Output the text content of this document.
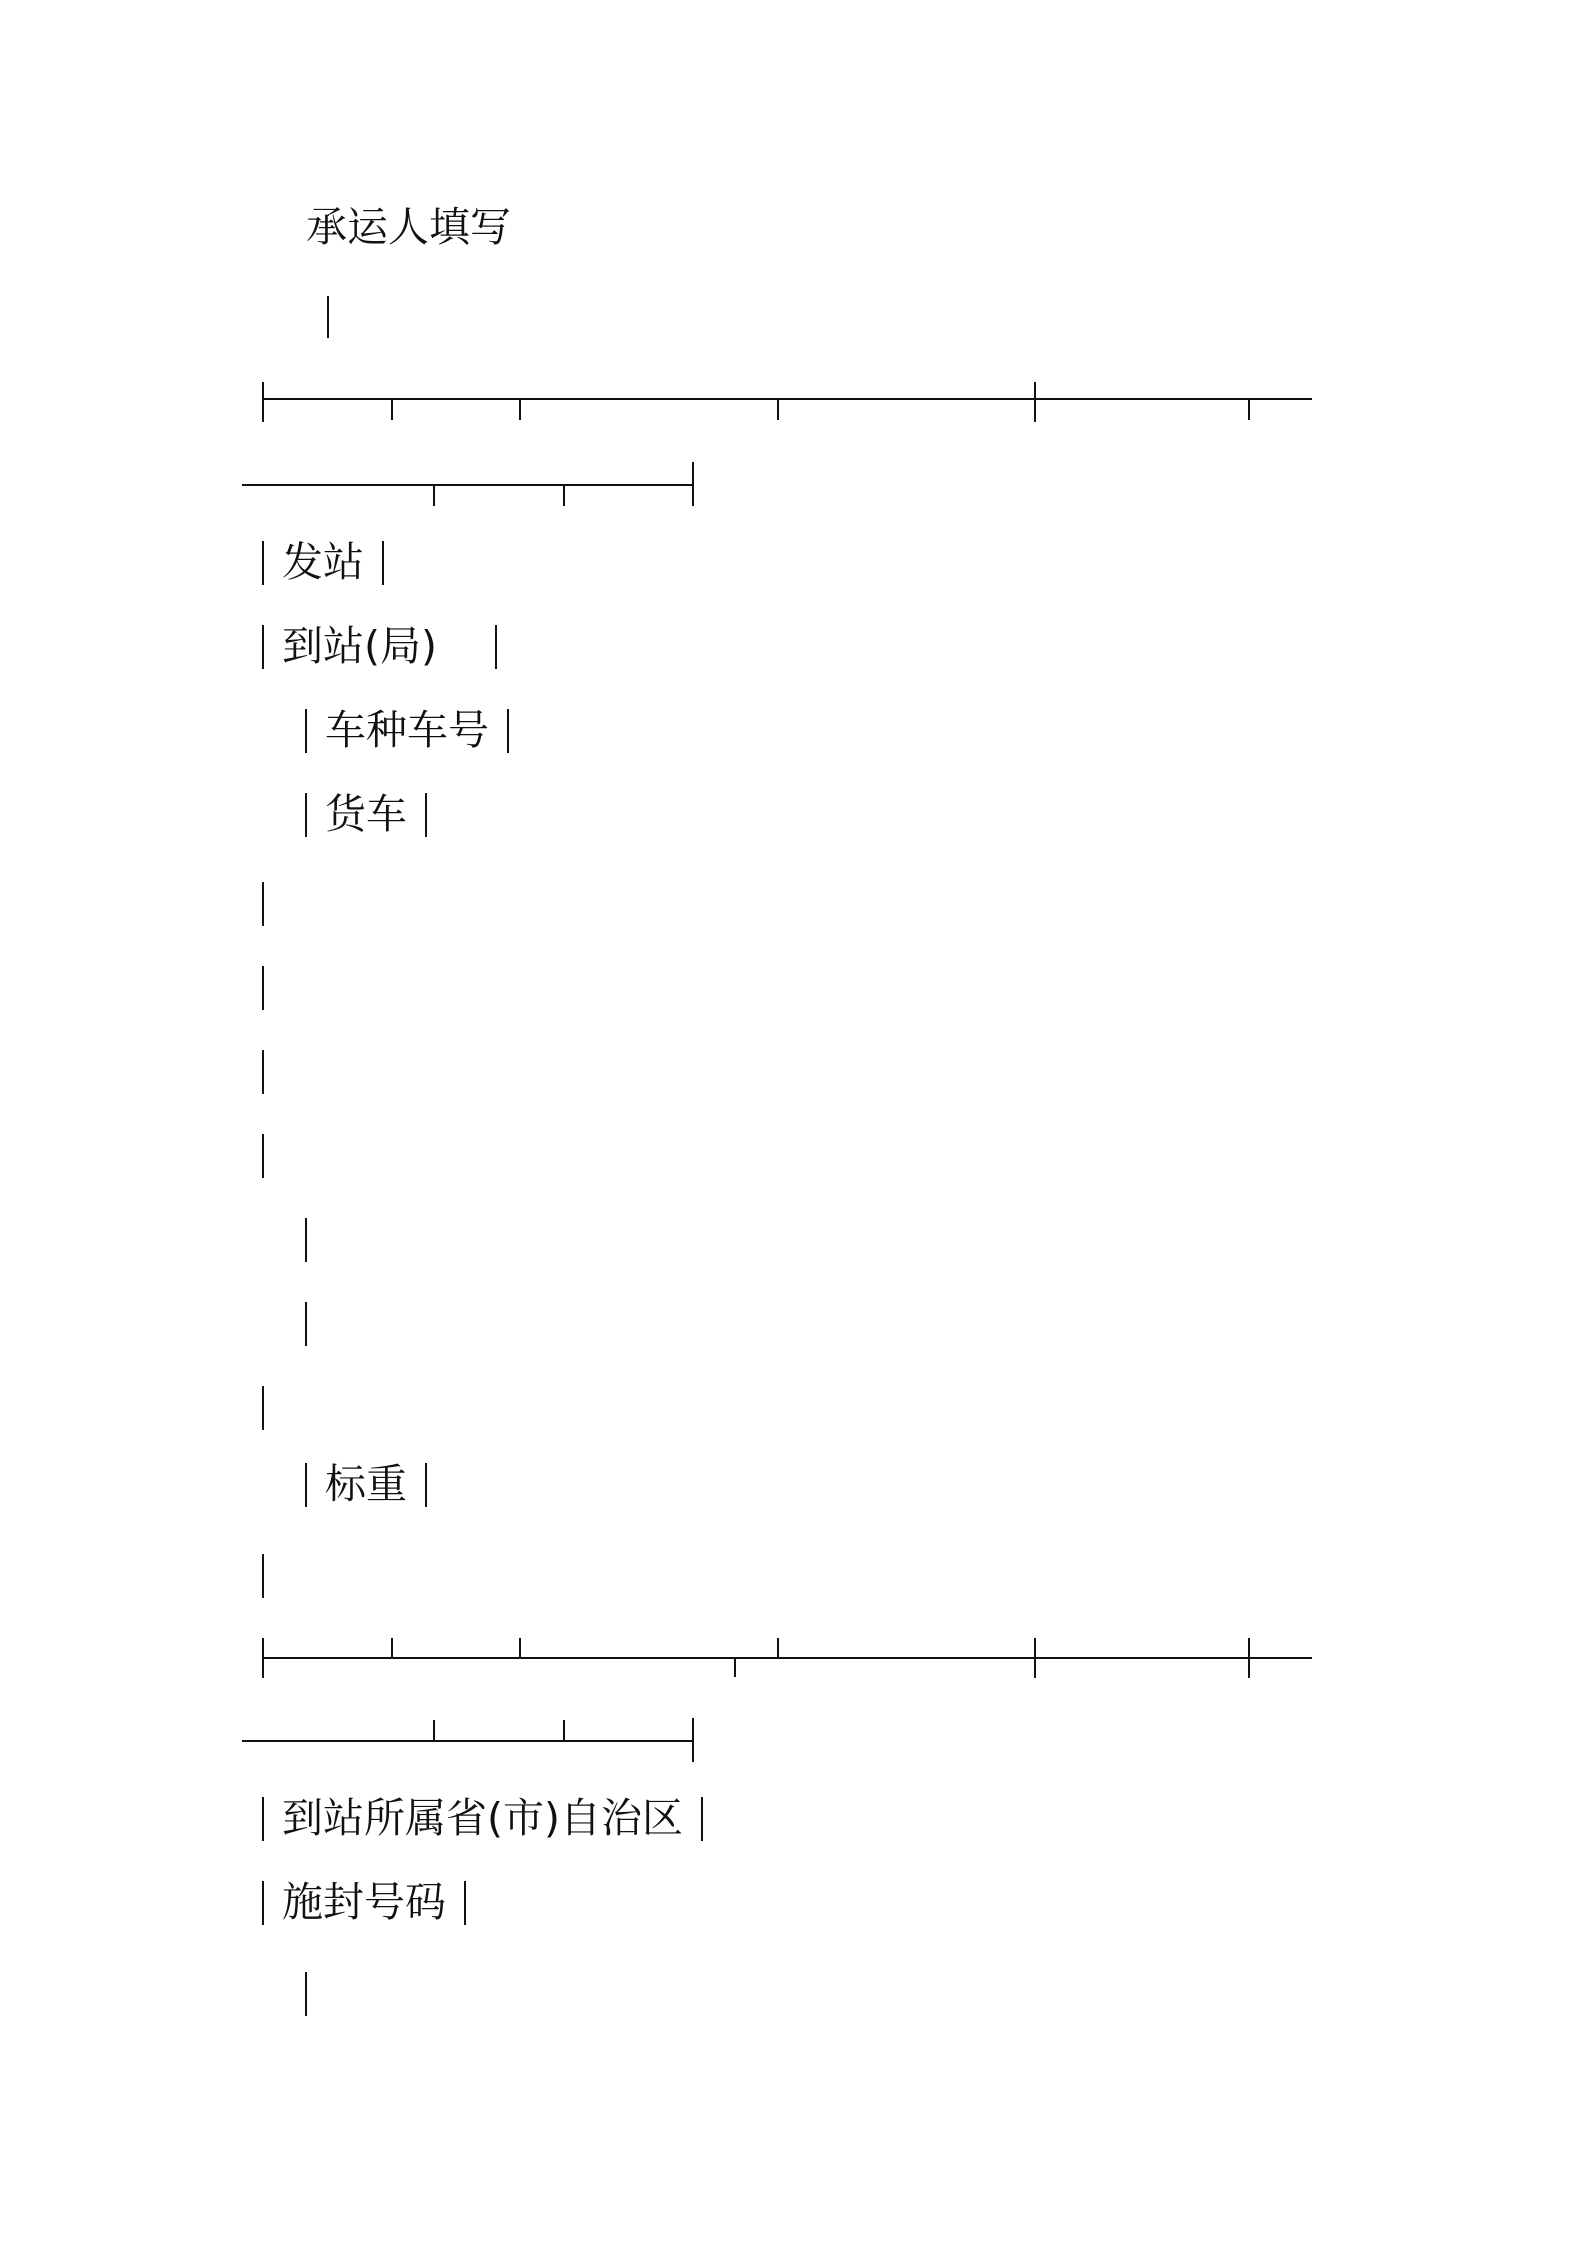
承运人填写
发站
到站(局)
车种车号
货车
标重
到站所属省(市)自治区
施封号码
